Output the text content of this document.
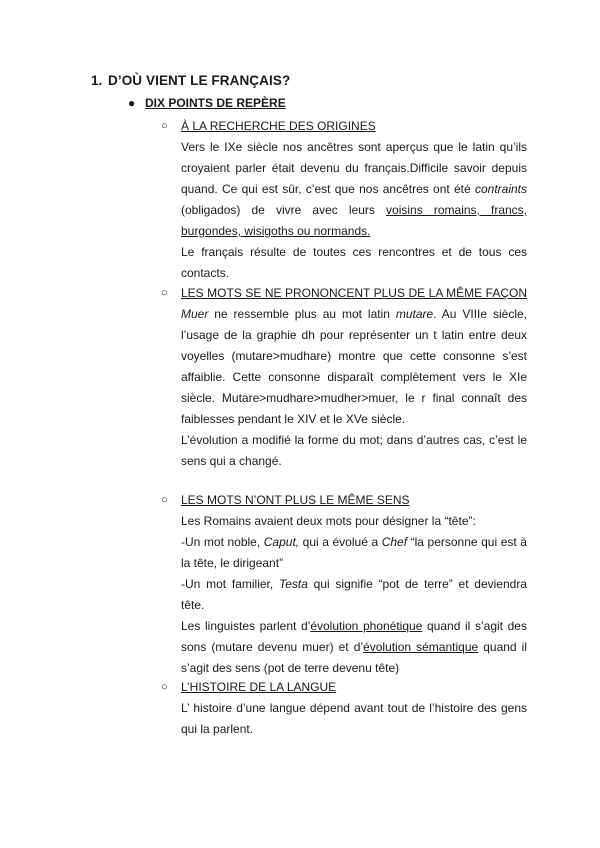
1. D’OÙ VIENT LE FRANÇAIS?
● DIX POINTS DE REPÈRE
○ À LA RECHERCHE DES ORIGINES

Vers le IXe siècle nos ancêtres sont aperçus que le latin qu’ils croyaient parler était devenu du français.Difficile savoir depuis quand. Ce qui est sûr, c’est que nos ancêtres ont été contraints (obligados) de vivre avec leurs voisins romains, francs, burgondes, wisigoths ou normands.

Le français résulte de toutes ces rencontres et de tous ces contacts.

○ LES MOTS SE NE PRONONCENT PLUS DE LA MÊME FAÇON

Muer ne ressemble plus au mot latin mutare. Au VIIIe siècle, l’usage de la graphie dh pour représenter un t latin entre deux voyelles (mutare>mudhare) montre que cette consonne s’est affaiblie. Cette consonne disparaît complètement vers le XIe siècle. Mutare>mudhare>mudher>muer, le r final connaît des faiblesses pendant le XIV et le XVe siècle.

L’évolution a modifié la forme du mot; dans d’autres cas, c’est le sens qui a changé.

○ LES MOTS N’ONT PLUS LE MÊME SENS

Les Romains avaient deux mots pour désigner la “tête”:

-Un mot noble, Caput, qui a évolué a Chef “la personne qui est à la tête, le dirigeant”

-Un mot familier, Testa qui signifie “pot de terre” et deviendra tête.

Les linguistes parlent d’évolution phonétique quand il s’agit des sons (mutare devenu muer) et d’évolution sémantique quand il s’agit des sens (pot de terre devenu tête)

○ L’HISTOIRE DE LA LANGUE

L’ histoire d’une langue dépend avant tout de l’histoire des gens qui la parlent.
